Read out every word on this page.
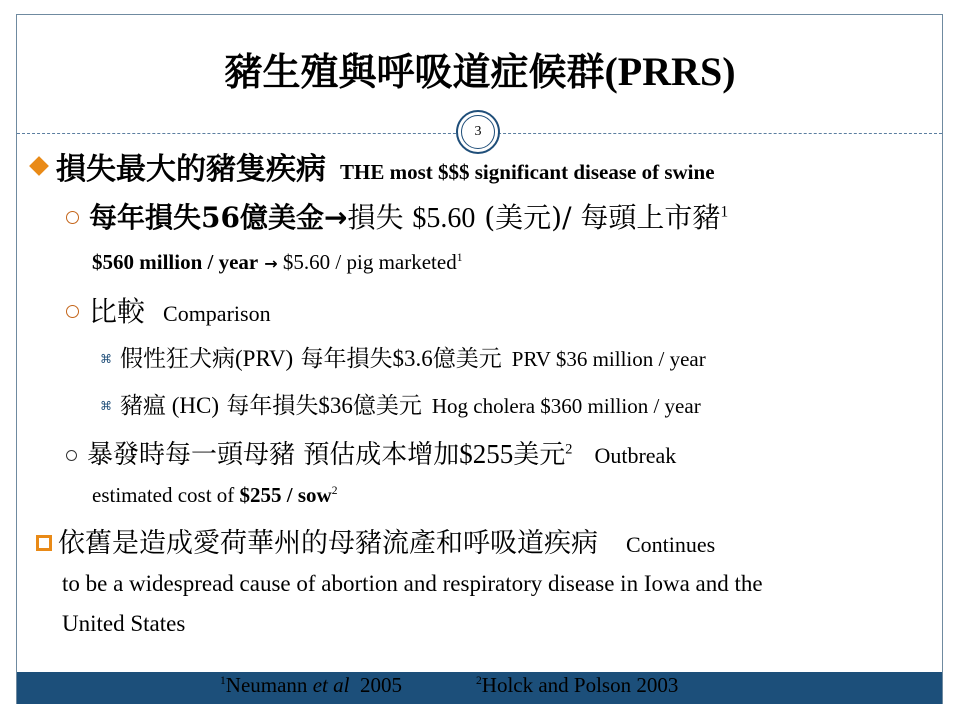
豬生殖與呼吸道症候群(PRRS)
3
損失最大的豬隻疾病 THE most $$$ significant disease of swine
每年損失56億美金→損失 $5.60 (美元)/ 每頭上市豬$^1$
$560 million / year → $5.60 / pig marketed$^1$
比較 Comparison
⌘ 假性狂犬病(PRV) 每年損失$3.6億美元 PRV $36 million / year
⌘ 豬瘟 (HC) 每年損失$36億美元 Hog cholera $360 million / year
暴發時每一頭母豬 預估成本增加$255美元$^2$ Outbreak
estimated cost of $255 / sow$^2$
依舊是造成愛荷華州的母豬流產和呼吸道疾病 Continues
to be a widespread cause of abortion and respiratory disease in Iowa and the
United States
$^1$Neumann et al  2005	$^2$Holck and Polson 2003
